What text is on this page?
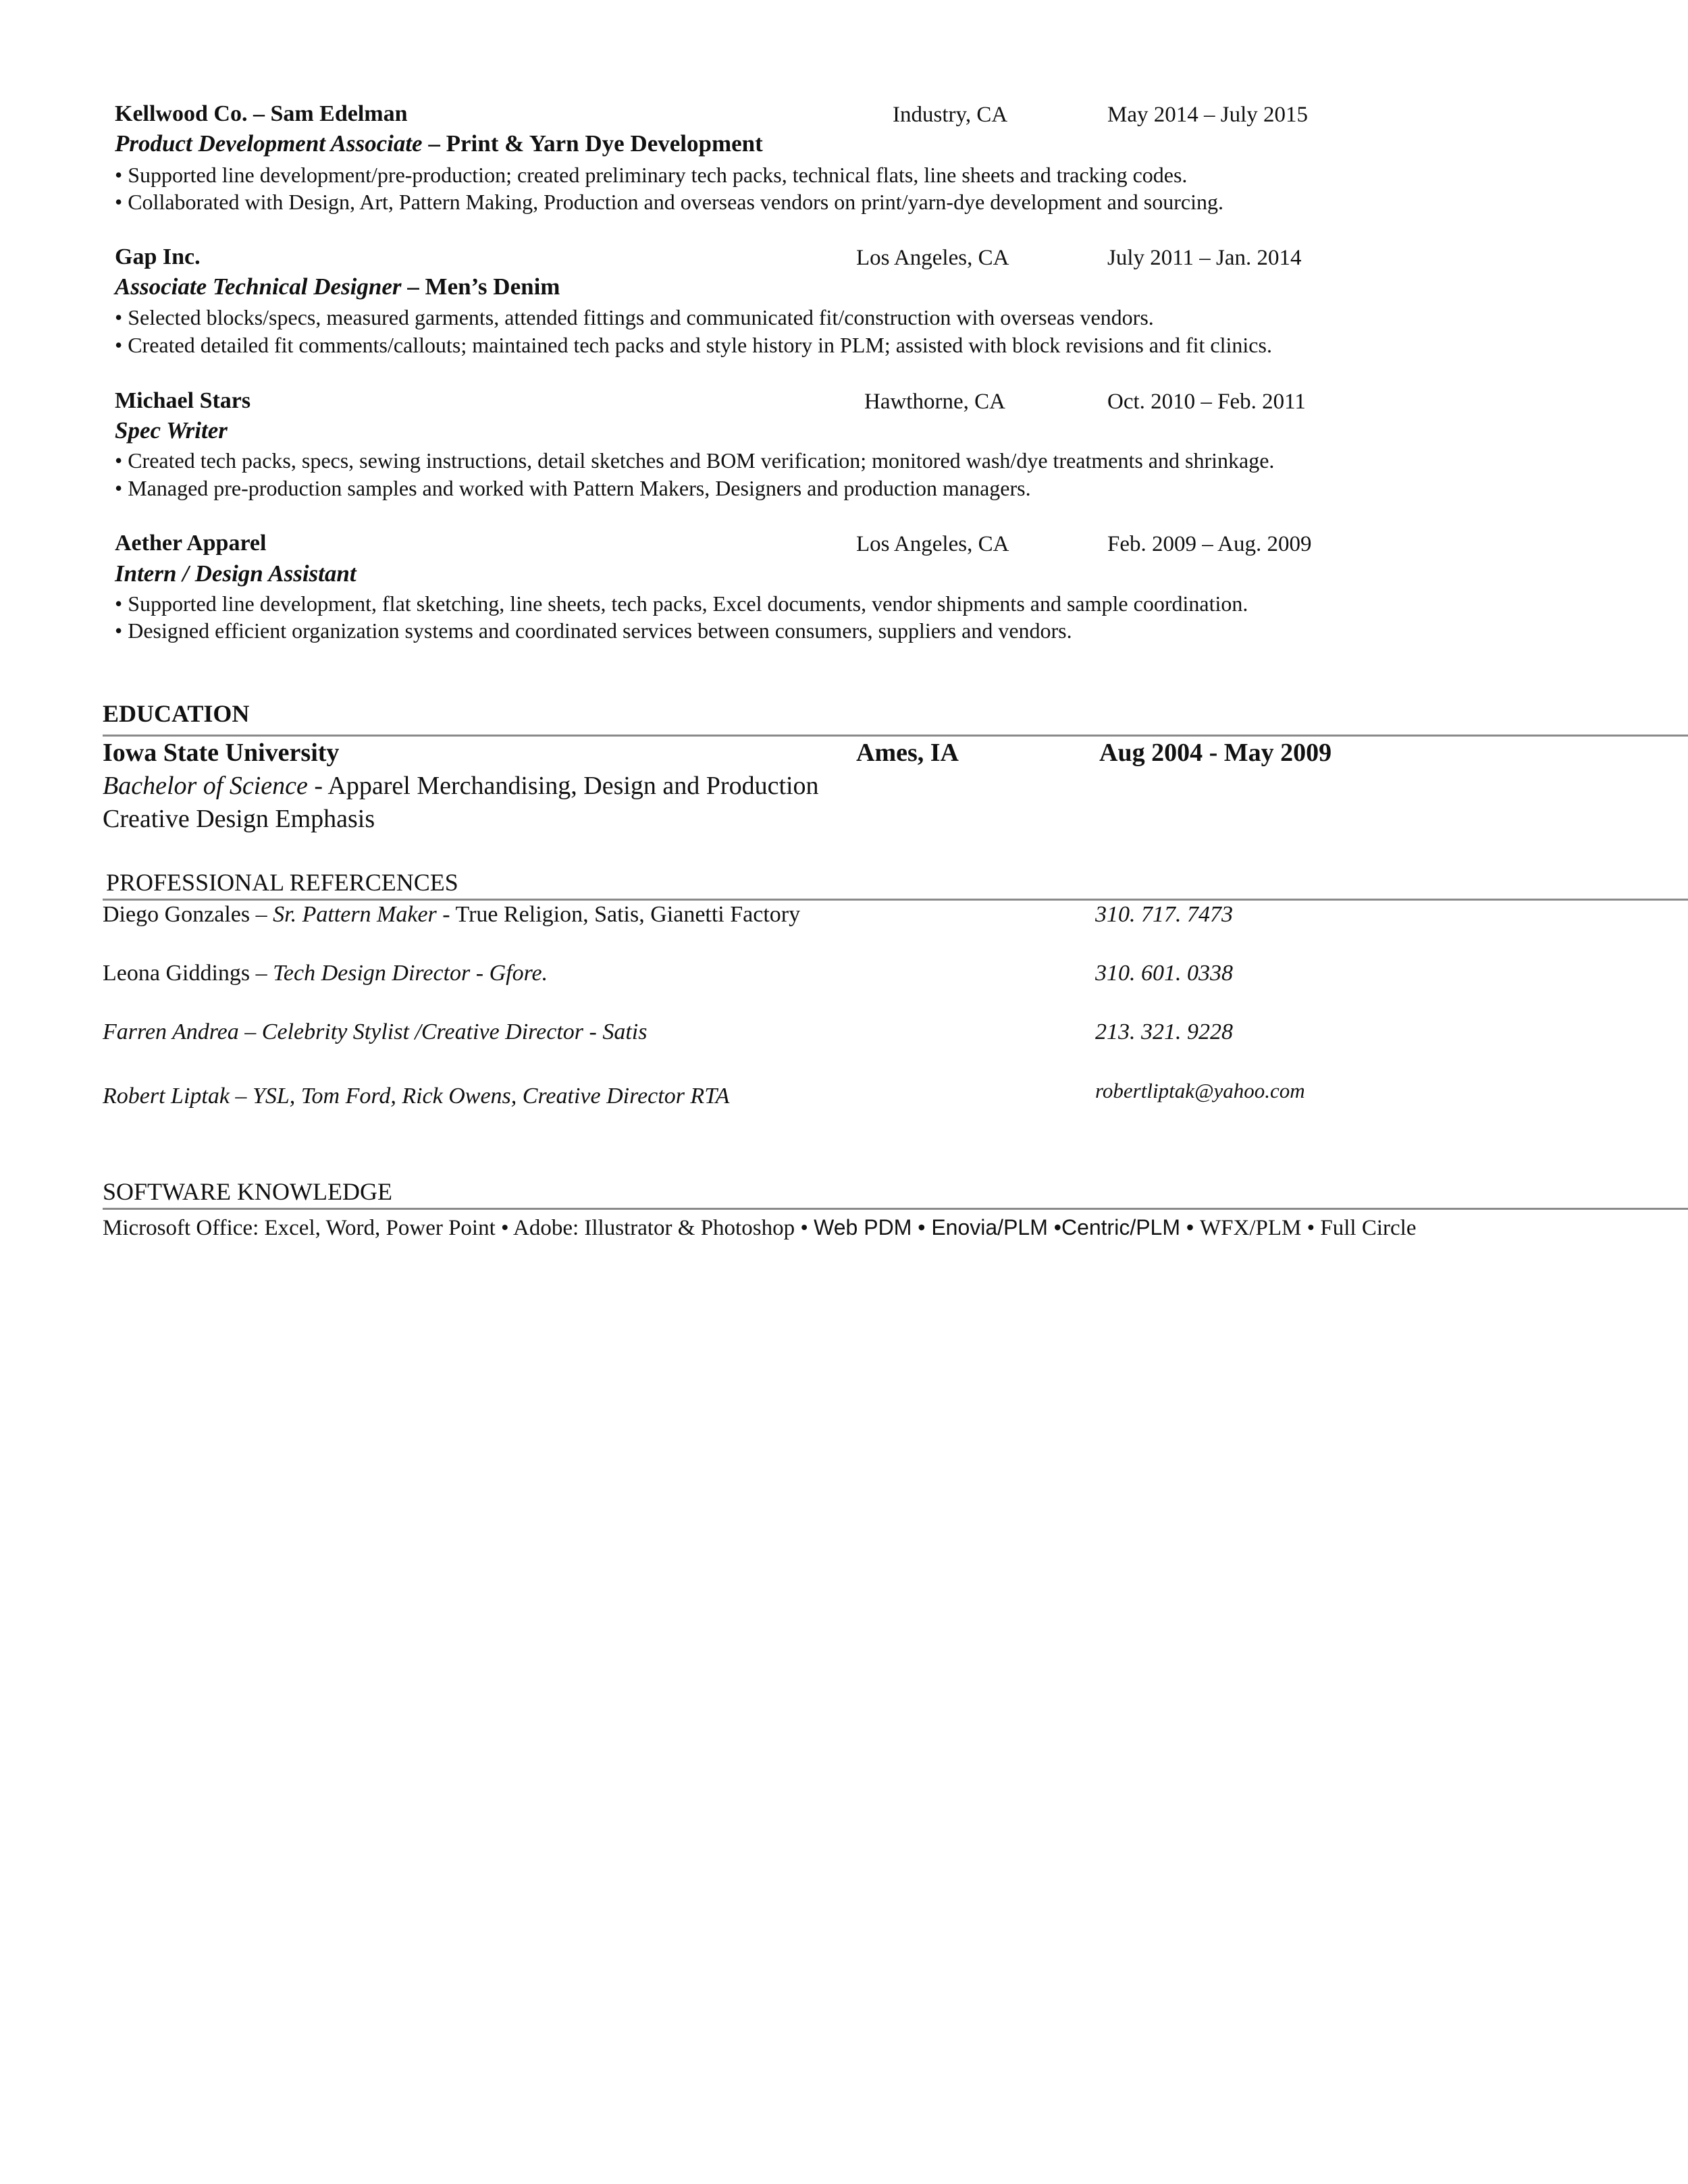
Kellwood Co. – Sam Edelman	Industry, CA	May 2014 – July 2015
Product Development Associate – Print & Yarn Dye Development
• Supported line development/pre-production; created preliminary tech packs, technical flats, line sheets and tracking codes.
• Collaborated with Design, Art, Pattern Making, Production and overseas vendors on print/yarn-dye development and sourcing.
Gap Inc.	Los Angeles, CA	July 2011 – Jan. 2014
Associate Technical Designer – Men’s Denim
• Selected blocks/specs, measured garments, attended fittings and communicated fit/construction with overseas vendors.
• Created detailed fit comments/callouts; maintained tech packs and style history in PLM; assisted with block revisions and fit clinics.
Michael Stars	Hawthorne, CA	Oct. 2010 – Feb. 2011
Spec Writer
• Created tech packs, specs, sewing instructions, detail sketches and BOM verification; monitored wash/dye treatments and shrinkage.
• Managed pre-production samples and worked with Pattern Makers, Designers and production managers.
Aether Apparel	Los Angeles, CA	Feb. 2009 – Aug. 2009
Intern / Design Assistant
• Supported line development, flat sketching, line sheets, tech packs, Excel documents, vendor shipments and sample coordination.
• Designed efficient organization systems and coordinated services between consumers, suppliers and vendors.
EDUCATION
Iowa State University	Ames, IA	Aug 2004 - May 2009
Bachelor of Science - Apparel Merchandising, Design and Production
Creative Design Emphasis
PROFESSIONAL REFERCENCES
Diego Gonzales – Sr. Pattern Maker - True Religion, Satis, Gianetti Factory	310. 717. 7473
Leona Giddings – Tech Design Director - Gfore.	310. 601. 0338
Farren Andrea – Celebrity Stylist /Creative Director - Satis	213. 321. 9228
Robert Liptak – YSL, Tom Ford, Rick Owens, Creative Director RTA	robertliptak@yahoo.com
SOFTWARE KNOWLEDGE
Microsoft Office: Excel, Word, Power Point • Adobe: Illustrator & Photoshop • Web PDM • Enovia/PLM •Centric/PLM • WFX/PLM • Full Circle
